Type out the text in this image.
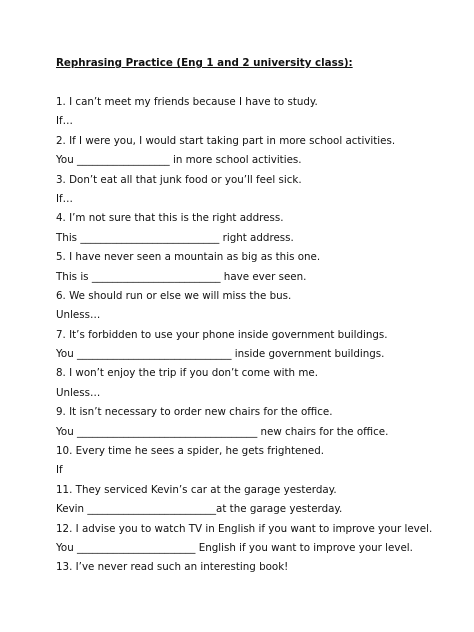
Rephrasing Practice (Eng 1 and 2 university class):
1. I can’t meet my friends because I have to study.
If…
2. If I were you, I would start taking part in more school activities.
You __________________ in more school activities.
3. Don’t eat all that junk food or you’ll feel sick.
If…
4. I’m not sure that this is the right address.
This ___________________________ right address.
5. I have never seen a mountain as big as this one.
This is _________________________ have ever seen.
6. We should run or else we will miss the bus.
Unless…
7. It’s forbidden to use your phone inside government buildings.
You ______________________________ inside government buildings.
8. I won’t enjoy the trip if you don’t come with me.
Unless…
9. It isn’t necessary to order new chairs for the office.
You ___________________________________ new chairs for the office.
10. Every time he sees a spider, he gets frightened.
If
11. They serviced Kevin’s car at the garage yesterday.
Kevin _________________________at the garage yesterday.
12. I advise you to watch TV in English if you want to improve your level.
You _______________________ English if you want to improve your level.
13. I’ve never read such an interesting book!
